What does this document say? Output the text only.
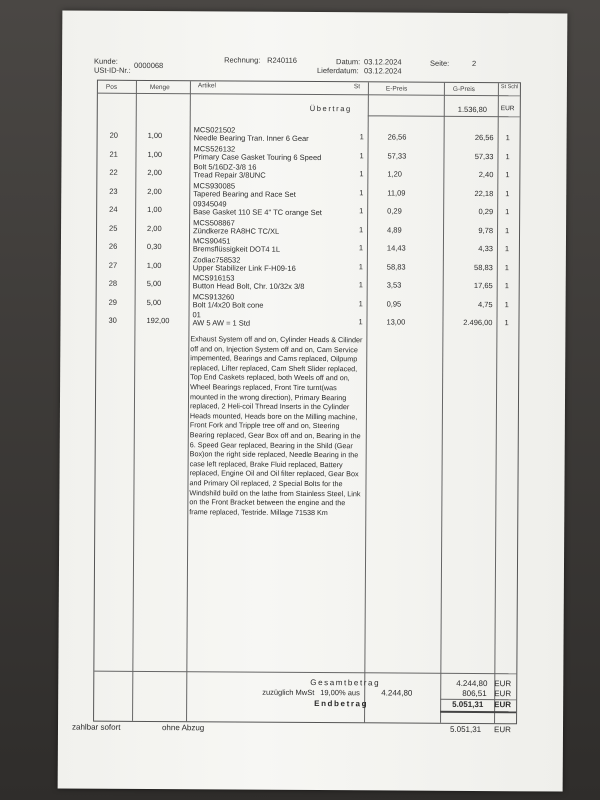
Kunde:
USt-ID-Nr.:
0000068
Rechnung: R240116	Datum: 03.12.2024
Lieferdatum: 03.12.2024
Seite:	2
Pos	Menge	Artikel	St	E-Preis	G-Preis	St Schl
Übertrag	1.536,80 EUR
20	1,00
MCS021502
Needle Bearing Tran. Inner 6 Gear	1	26,56	26,56 1
21	1,00
MCS526132
Primary Case Gasket Touring 6 Speed	1	57,33	57,33 1
22	2,00
Bolt 5/16DZ-3/8 16
Tread Repair 3/8UNC	1	1,20	2,40 1
23	2,00
MCS930085
Tapered Bearing and Race Set	1	11,09	22,18 1
24	1,00
09345049
Base Gasket 110 SE 4" TC orange Set	1	0,29	0,29 1
25	2,00
MCS508867
Zündkerze RA8HC TC/XL	1	4,89	9,78 1
26	0,30
MCS90451
Bremsflüssigkeit DOT4 1L	1	14,43	4,33 1
27	1,00
Zodiac758532
Upper Stabilizer Link F-H09-16	1	58,83	58,83 1
28	5,00
MCS916153
Button Head Bolt, Chr. 10/32x 3/8	1	3,53	17,65 1
29	5,00
MCS913260
Bolt 1/4x20 Bolt cone	1	0,95	4,75 1
30	192,00
01
AW 5 AW = 1 Std	1	13,00	2.496,00 1
Exhaust System off and on, Cylinder Heads & Cilinder off and on, Injection System off and on, Cam Service impemented, Bearings and Cams replaced, Oilpump replaced, Lifter replaced, Cam Sheft Slider replaced, Top End Caskets replaced, both Weels off and on, Wheel Bearings replaced, Front Tire turnt(was mounted in the wrong direction), Primary Bearing replaced, 2 Heli-coil Thread Inserts in the Cylinder Heads mounted, Heads bore on the Milling machine, Front Fork and Tripple tree off and on, Steering Bearing replaced, Gear Box off and on, Bearing in the 6. Speed Gear replaced, Bearing in the Shild (Gear Box)on the right side replaced, Needle Bearing in the case left replaced, Brake Fluid replaced, Battery replaced, Engine Oil and Oil filter replaced, Gear Box and Primary Oil replaced, 2 Special Bolts for the Windshild build on the lathe from Stainless Steel, Link on the Front Bracket between the engine and the frame replaced, Testride. Millage 71538 Km
Gesamtbetrag	4.244,80 EUR
zuzüglich MwSt 19,00% aus	4.244,80	806,51 EUR
Endbetrag	5.051,31 EUR
zahlbar sofort	ohne Abzug	5.051,31 EUR
